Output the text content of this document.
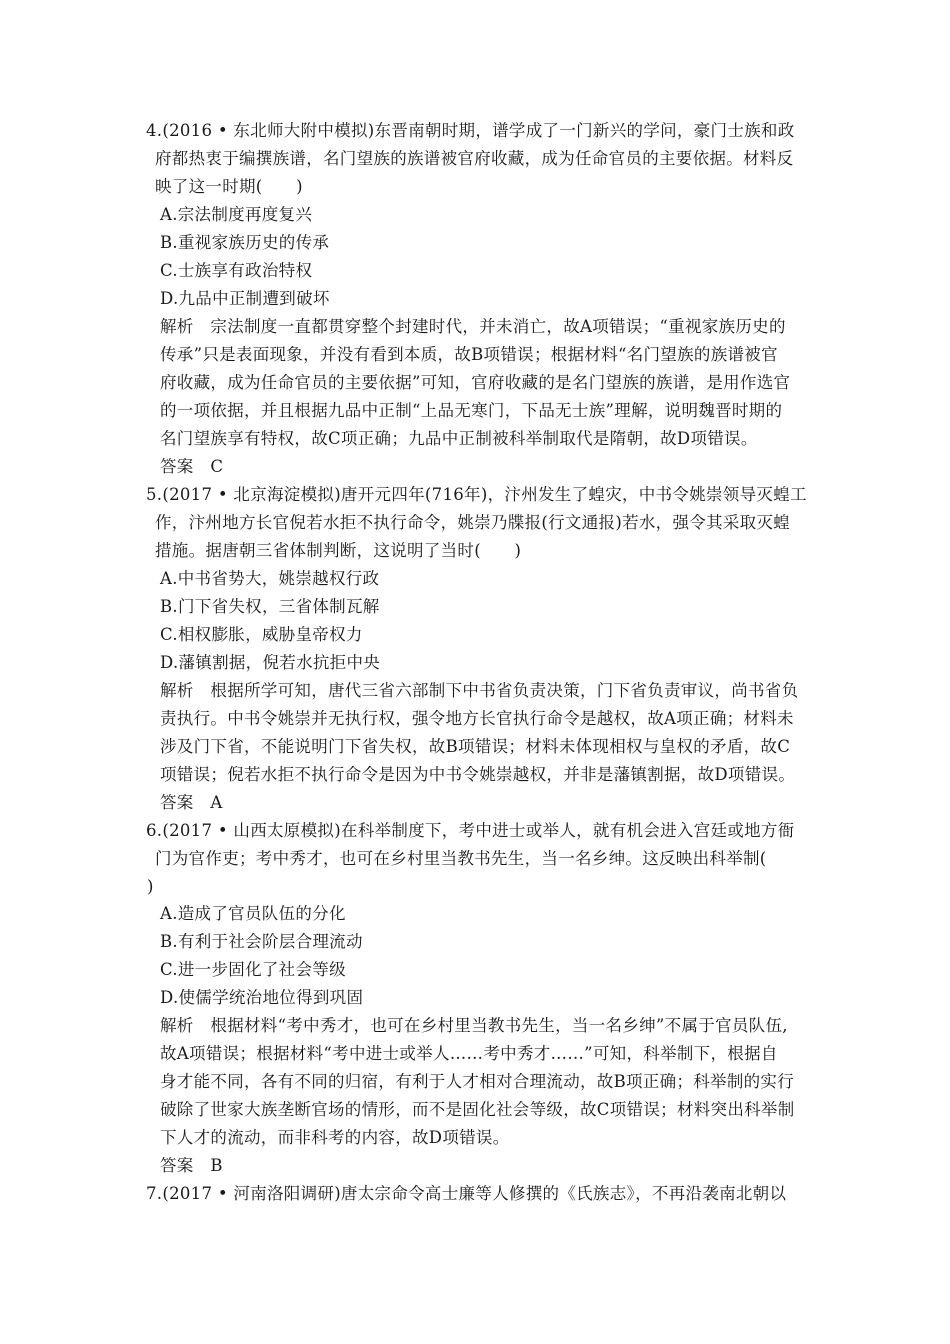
4.(2016 • 东北师大附中模拟)东晋南朝时期，谱学成了一门新兴的学问，豪门士族和政
府都热衷于编撰族谱，名门望族的族谱被官府收藏，成为任命官员的主要依据。材料反
映了这一时期(　　)
A.宗法制度再度复兴
B.重视家族历史的传承
C.士族享有政治特权
D.九品中正制遭到破坏
解析　宗法制度一直都贯穿整个封建时代，并未消亡，故A项错误；“重视家族历史的
传承”只是表面现象，并没有看到本质，故B项错误；根据材料“名门望族的族谱被官
府收藏，成为任命官员的主要依据”可知，官府收藏的是名门望族的族谱，是用作选官
的一项依据，并且根据九品中正制“上品无寒门，下品无士族”理解，说明魏晋时期的
名门望族享有特权，故C项正确；九品中正制被科举制取代是隋朝，故D项错误。
答案　C
5.(2017 • 北京海淀模拟)唐开元四年(716年)，汴州发生了蝗灾，中书令姚崇领导灭蝗工
作，汴州地方长官倪若水拒不执行命令，姚崇乃牒报(行文通报)若水，强令其采取灭蝗
措施。据唐朝三省体制判断，这说明了当时(　　)
A.中书省势大，姚崇越权行政
B.门下省失权，三省体制瓦解
C.相权膨胀，威胁皇帝权力
D.藩镇割据，倪若水抗拒中央
解析　根据所学可知，唐代三省六部制下中书省负责决策，门下省负责审议，尚书省负
责执行。中书令姚崇并无执行权，强令地方长官执行命令是越权，故A项正确；材料未
涉及门下省，不能说明门下省失权，故B项错误；材料未体现相权与皇权的矛盾，故C
项错误；倪若水拒不执行命令是因为中书令姚崇越权，并非是藩镇割据，故D项错误。
答案　A
6.(2017 • 山西太原模拟)在科举制度下，考中进士或举人，就有机会进入宫廷或地方衙
门为官作吏；考中秀才，也可在乡村里当教书先生，当一名乡绅。这反映出科举制(
)
A.造成了官员队伍的分化
B.有利于社会阶层合理流动
C.进一步固化了社会等级
D.使儒学统治地位得到巩固
解析　根据材料“考中秀才，也可在乡村里当教书先生，当一名乡绅”不属于官员队伍,
故A项错误；根据材料“考中进士或举人……考中秀才……”可知，科举制下，根据自
身才能不同，各有不同的归宿，有利于人才相对合理流动，故B项正确；科举制的实行
破除了世家大族垄断官场的情形，而不是固化社会等级，故C项错误；材料突出科举制
下人才的流动，而非科考的内容，故D项错误。
答案　B
7.(2017 • 河南洛阳调研)唐太宗命令高士廉等人修撰的《氏族志》，不再沿袭南北朝以
